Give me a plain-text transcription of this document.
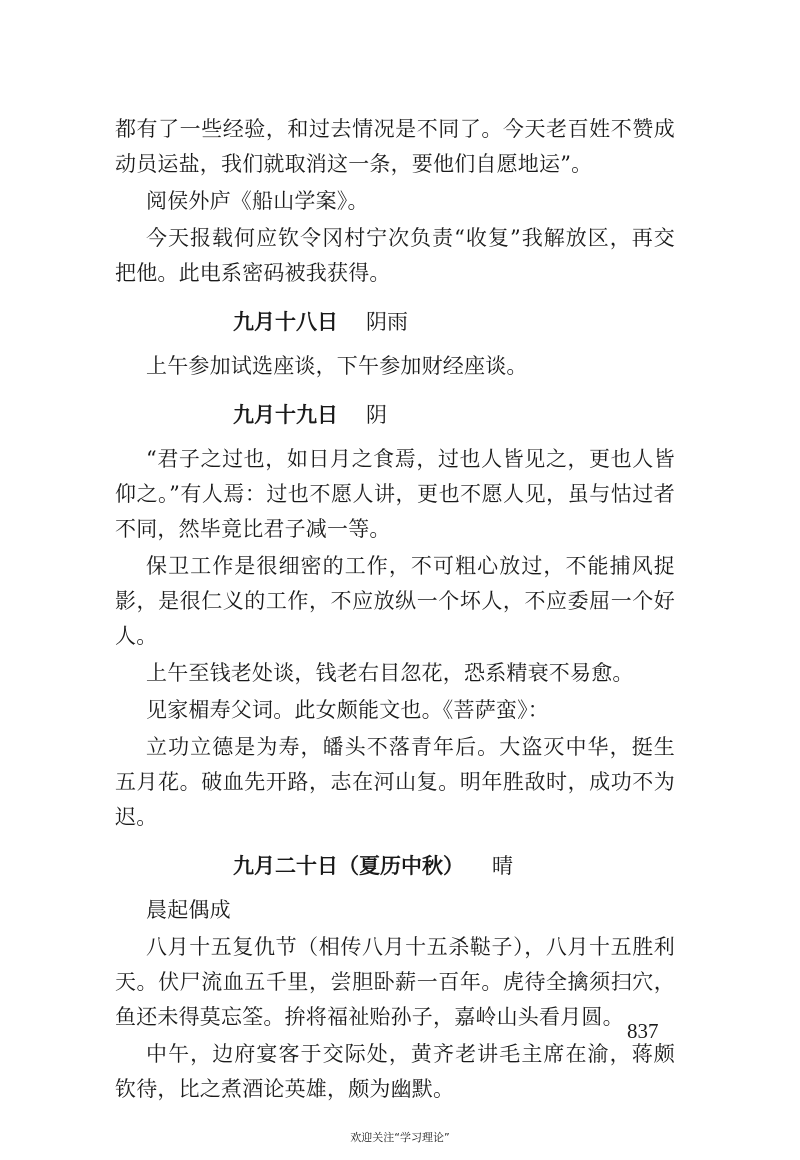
都有了一些经验，和过去情况是不同了。今天老百姓不赞成动员运盐，我们就取消这一条，要他们自愿地运”。

阅侯外庐《船山学案》。

今天报载何应钦令冈村宁次负责“收复”我解放区，再交把他。此电系密码被我获得。

九月十八日 阴雨

上午参加试选座谈，下午参加财经座谈。

九月十九日 阴

“君子之过也，如日月之食焉，过也人皆见之，更也人皆仰之。”有人焉：过也不愿人讲，更也不愿人见，虽与怙过者不同，然毕竟比君子减一等。

保卫工作是很细密的工作，不可粗心放过，不能捕风捉影，是很仁义的工作，不应放纵一个坏人，不应委屈一个好人。

上午至钱老处谈，钱老右目忽花，恐系精衰不易愈。

见家楣寿父词。此女颇能文也。《菩萨蛮》：

立功立德是为寿，皤头不落青年后。大盗灭中华，挺生五月花。破血先开路，志在河山复。明年胜敌时，成功不为迟。

九月二十日（夏历中秋） 晴

晨起偶成

八月十五复仇节（相传八月十五杀鞑子），八月十五胜利天。伏尸流血五千里，尝胆卧薪一百年。虎待全擒须扫穴，鱼还未得莫忘筌。拚将福祉贻孙子，嘉岭山头看月圆。

中午，边府宴客于交际处，黄齐老讲毛主席在渝，蒋颇钦待，比之煮酒论英雄，颇为幽默。

837
欢迎关注“学习理论”
